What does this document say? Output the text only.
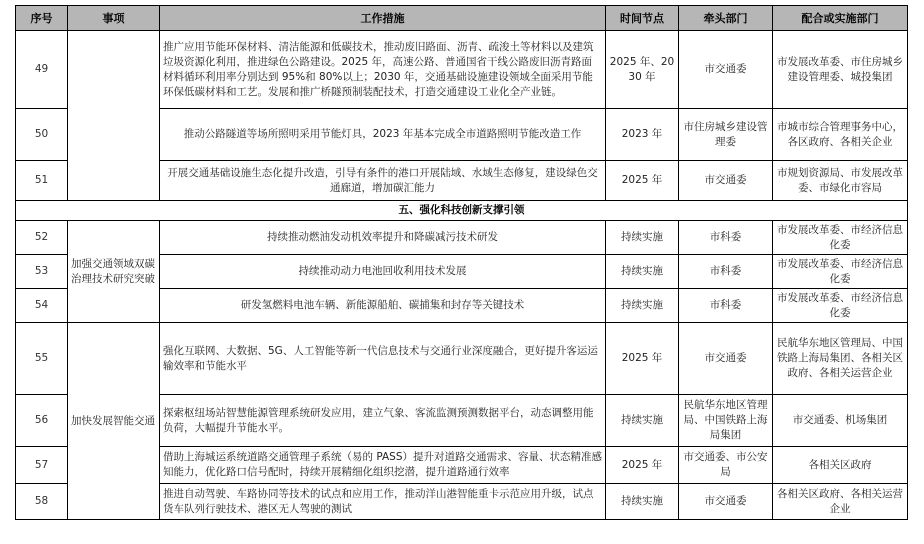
序号	事项	工作措施	时间节点	牵头部门	配合或实施部门
49		推广应用节能环保材料、清洁能源和低碳技术，推动废旧路面、沥青、疏浚土等材料以及建筑垃圾资源化利用，推进绿色公路建设。2025 年，高速公路、普通国省干线公路废旧沥青路面材料循环利用率分别达到 95%和 80%以上；2030 年，交通基础设施建设领域全面采用节能环保低碳材料和工艺。发展和推广桥隧预制装配技术，打造交通建设工业化全产业链。	2025 年、2030 年	市交通委	市发展改革委、市住房城乡建设管理委、城投集团
50		推动公路隧道等场所照明采用节能灯具，2023 年基本完成全市道路照明节能改造工作	2023 年	市住房城乡建设管理委	市城市综合管理事务中心，各区政府、各相关企业
51		开展交通基础设施生态化提升改造，引导有条件的港口开展陆域、水域生态修复，建设绿色交通廊道，增加碳汇能力	2025 年	市交通委	市规划资源局、市发展改革委、市绿化市容局
五、强化科技创新支撑引领					
52	加强交通领域双碳治理技术研究突破	持续推动燃油发动机效率提升和降碳减污技术研发	持续实施	市科委	市发展改革委、市经济信息化委
53		持续推动动力电池回收利用技术发展	持续实施	市科委	市发展改革委、市经济信息化委
54		研发氢燃料电池车辆、新能源船舶、碳捕集和封存等关键技术	持续实施	市科委	市发展改革委、市经济信息化委
55	加快发展智能交通	强化互联网、大数据、5G、人工智能等新一代信息技术与交通行业深度融合，更好提升客运运输效率和节能水平	2025 年	市交通委	民航华东地区管理局、中国铁路上海局集团、各相关区政府、各相关运营企业
56		探索枢纽场站智慧能源管理系统研发应用，建立气象、客流监测预测数据平台，动态调整用能负荷，大幅提升节能水平。	持续实施	民航华东地区管理局、中国铁路上海局集团	市交通委、机场集团
57		借助上海城运系统道路交通管理子系统（易的 PASS）提升对道路交通需求、容量、状态精准感知能力，优化路口信号配时，持续开展精细化组织挖潜，提升道路通行效率	2025 年	市交通委、市公安局	各相关区政府
58		推进自动驾驶、车路协同等技术的试点和应用工作，推动洋山港智能重卡示范应用升级，试点货车队列行驶技术、港区无人驾驶的测试	持续实施	市交通委	各相关区政府、各相关运营企业
